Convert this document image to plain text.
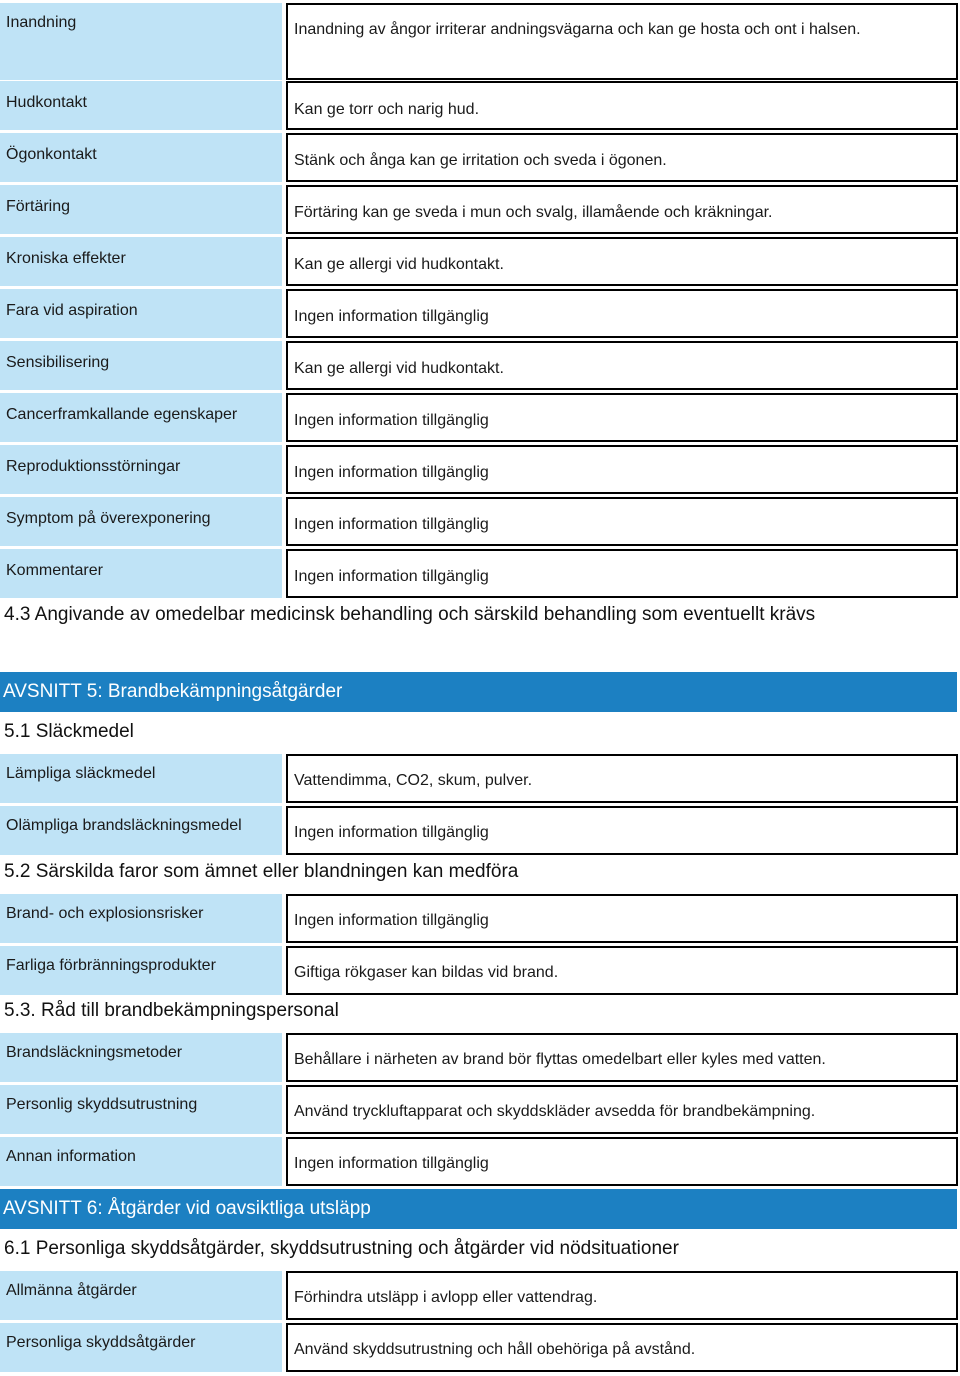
Inandning	Inandning av ångor irriterar andningsvägarna och kan ge hosta och ont i halsen.
Hudkontakt	Kan ge torr och narig hud.
Ögonkontakt	Stänk och ånga kan ge irritation och sveda i ögonen.
Förtäring	Förtäring kan ge sveda i mun och svalg, illamående och kräkningar.
Kroniska effekter	Kan ge allergi vid hudkontakt.
Fara vid aspiration	Ingen information tillgänglig
Sensibilisering	Kan ge allergi vid hudkontakt.
Cancerframkallande egenskaper	Ingen information tillgänglig
Reproduktionsstörningar	Ingen information tillgänglig
Symptom på överexponering	Ingen information tillgänglig
Kommentarer	Ingen information tillgänglig
4.3 Angivande av omedelbar medicinsk behandling och särskild behandling som eventuellt krävs
AVSNITT 5: Brandbekämpningsåtgärder
5.1 Släckmedel
Lämpliga släckmedel	Vattendimma, CO2, skum, pulver.
Olämpliga brandsläckningsmedel	Ingen information tillgänglig
5.2 Särskilda faror som ämnet eller blandningen kan medföra
Brand- och explosionsrisker	Ingen information tillgänglig
Farliga förbränningsprodukter	Giftiga rökgaser kan bildas vid brand.
5.3. Råd till brandbekämpningspersonal
Brandsläckningsmetoder	Behållare i närheten av brand bör flyttas omedelbart eller kyles med vatten.
Personlig skyddsutrustning	Använd tryckluftapparat och skyddskläder avsedda för brandbekämpning.
Annan information	Ingen information tillgänglig
AVSNITT 6: Åtgärder vid oavsiktliga utsläpp
6.1 Personliga skyddsåtgärder, skyddsutrustning och åtgärder vid nödsituationer
Allmänna åtgärder	Förhindra utsläpp i avlopp eller vattendrag.
Personliga skyddsåtgärder	Använd skyddsutrustning och håll obehöriga på avstånd.
